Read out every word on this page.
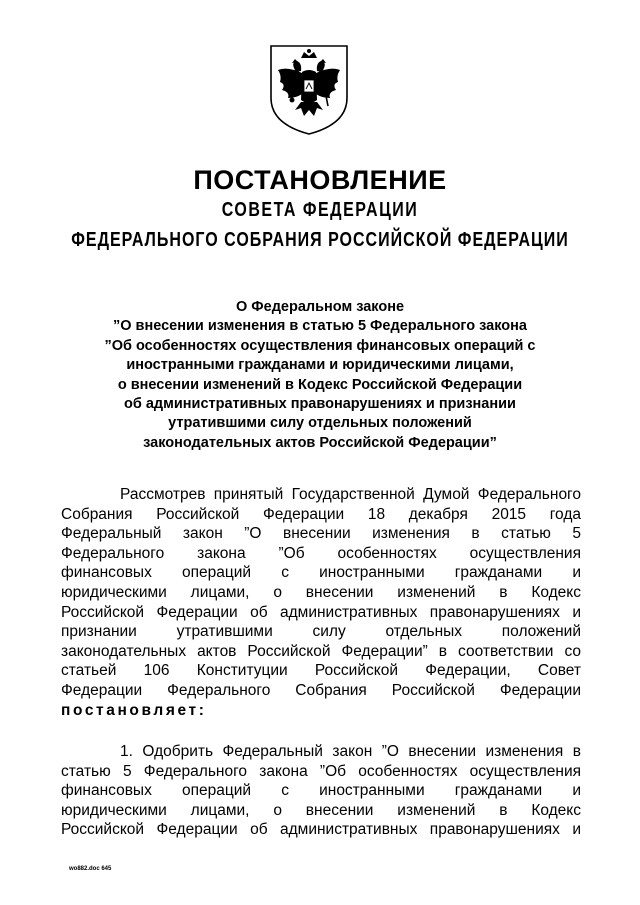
ПОСТАНОВЛЕНИЕ
СОВЕТА ФЕДЕРАЦИИ
ФЕДЕРАЛЬНОГО СОБРАНИЯ РОССИЙСКОЙ ФЕДЕРАЦИИ
О Федеральном законе
”О внесении изменения в статью 5 Федерального закона
”Об особенностях осуществления финансовых операций с
иностранными гражданами и юридическими лицами,
о внесении изменений в Кодекс Российской Федерации
об административных правонарушениях и признании
утратившими силу отдельных положений
законодательных актов Российской Федерации”
Рассмотрев принятый Государственной Думой Федерального
Собрания Российской Федерации 18 декабря 2015 года
Федеральный закон ”О внесении изменения в статью 5
Федерального закона ”Об особенностях осуществления
финансовых операций с иностранными гражданами и
юридическими лицами, о внесении изменений в Кодекс
Российской Федерации об административных правонарушениях и
признании утратившими силу отдельных положений
законодательных актов Российской Федерации” в соответствии со
статьей 106 Конституции Российской Федерации, Совет
Федерации Федерального Собрания Российской Федерации
постановляет:
1. Одобрить Федеральный закон ”О внесении изменения в
статью 5 Федерального закона ”Об особенностях осуществления
финансовых операций с иностранными гражданами и
юридическими лицами, о внесении изменений в Кодекс
Российской Федерации об административных правонарушениях и
wo882.doc 645
